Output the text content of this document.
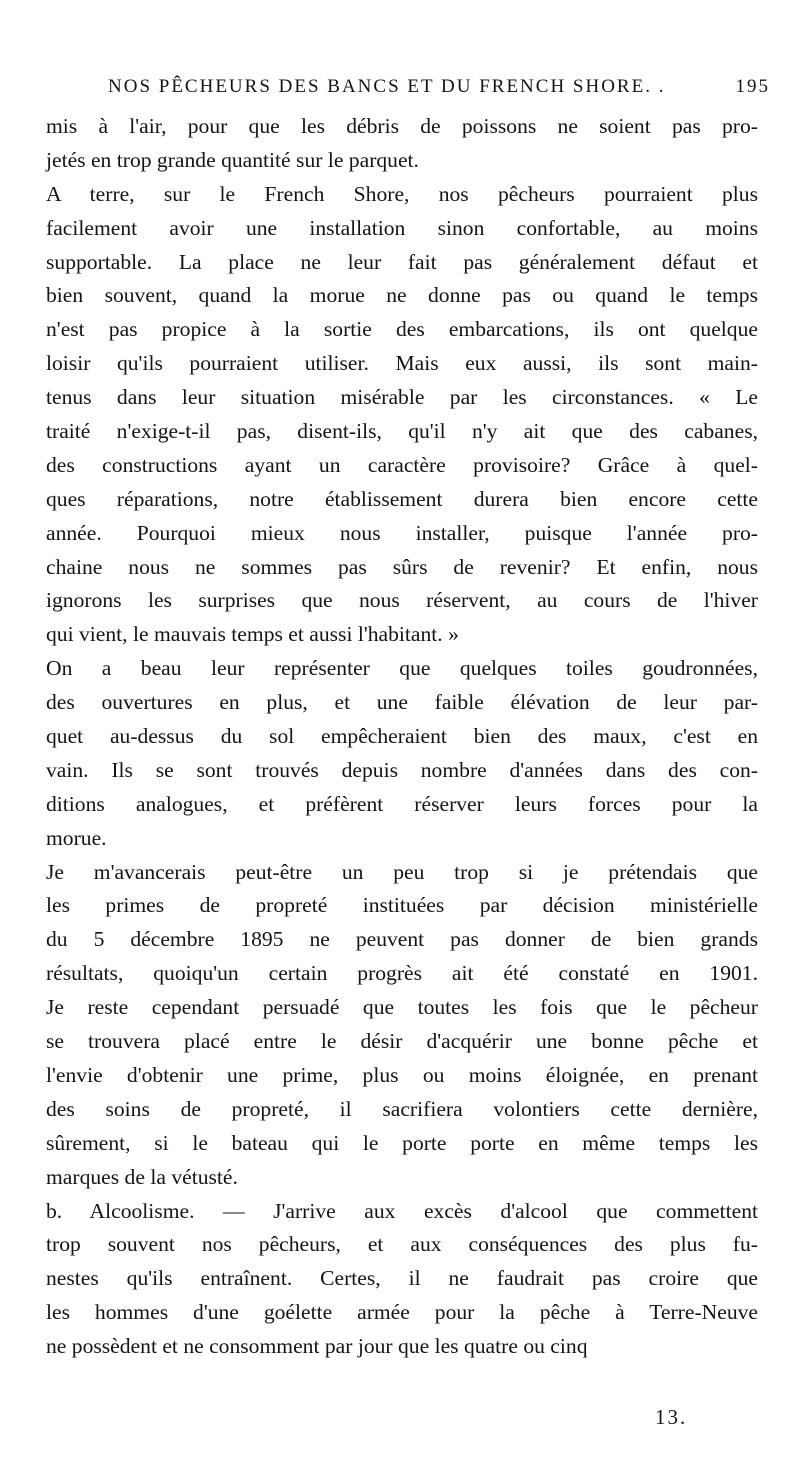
NOS PÊCHEURS DES BANCS ET DU FRENCH SHORE. .	195
mis à l'air, pour que les débris de poissons ne soient pas pro-
jetés en trop grande quantité sur le parquet.
A terre, sur le French Shore, nos pêcheurs pourraient plus
facilement avoir une installation sinon confortable, au moins
supportable. La place ne leur fait pas généralement défaut et
bien souvent, quand la morue ne donne pas ou quand le temps
n'est pas propice à la sortie des embarcations, ils ont quelque
loisir qu'ils pourraient utiliser. Mais eux aussi, ils sont main-
tenus dans leur situation misérable par les circonstances. « Le
traité n'exige-t-il pas, disent-ils, qu'il n'y ait que des cabanes,
des constructions ayant un caractère provisoire? Grâce à quel-
ques réparations, notre établissement durera bien encore cette
année. Pourquoi mieux nous installer, puisque l'année pro-
chaine nous ne sommes pas sûrs de revenir? Et enfin, nous
ignorons les surprises que nous réservent, au cours de l'hiver
qui vient, le mauvais temps et aussi l'habitant. »
On a beau leur représenter que quelques toiles goudronnées,
des ouvertures en plus, et une faible élévation de leur par-
quet au-dessus du sol empêcheraient bien des maux, c'est en
vain. Ils se sont trouvés depuis nombre d'années dans des con-
ditions analogues, et préfèrent réserver leurs forces pour la
morue.
Je m'avancerais peut-être un peu trop si je prétendais que
les primes de propreté instituées par décision ministérielle
du 5 décembre 1895 ne peuvent pas donner de bien grands
résultats, quoiqu'un certain progrès ait été constaté en 1901.
Je reste cependant persuadé que toutes les fois que le pêcheur
se trouvera placé entre le désir d'acquérir une bonne pêche et
l'envie d'obtenir une prime, plus ou moins éloignée, en prenant
des soins de propreté, il sacrifiera volontiers cette dernière,
sûrement, si le bateau qui le porte porte en même temps les
marques de la vétusté.
b. Alcoolisme. — J'arrive aux excès d'alcool que commettent
trop souvent nos pêcheurs, et aux conséquences des plus fu-
nestes qu'ils entraînent. Certes, il ne faudrait pas croire que
les hommes d'une goélette armée pour la pêche à Terre-Neuve
ne possèdent et ne consomment par jour que les quatre ou cinq
13.
